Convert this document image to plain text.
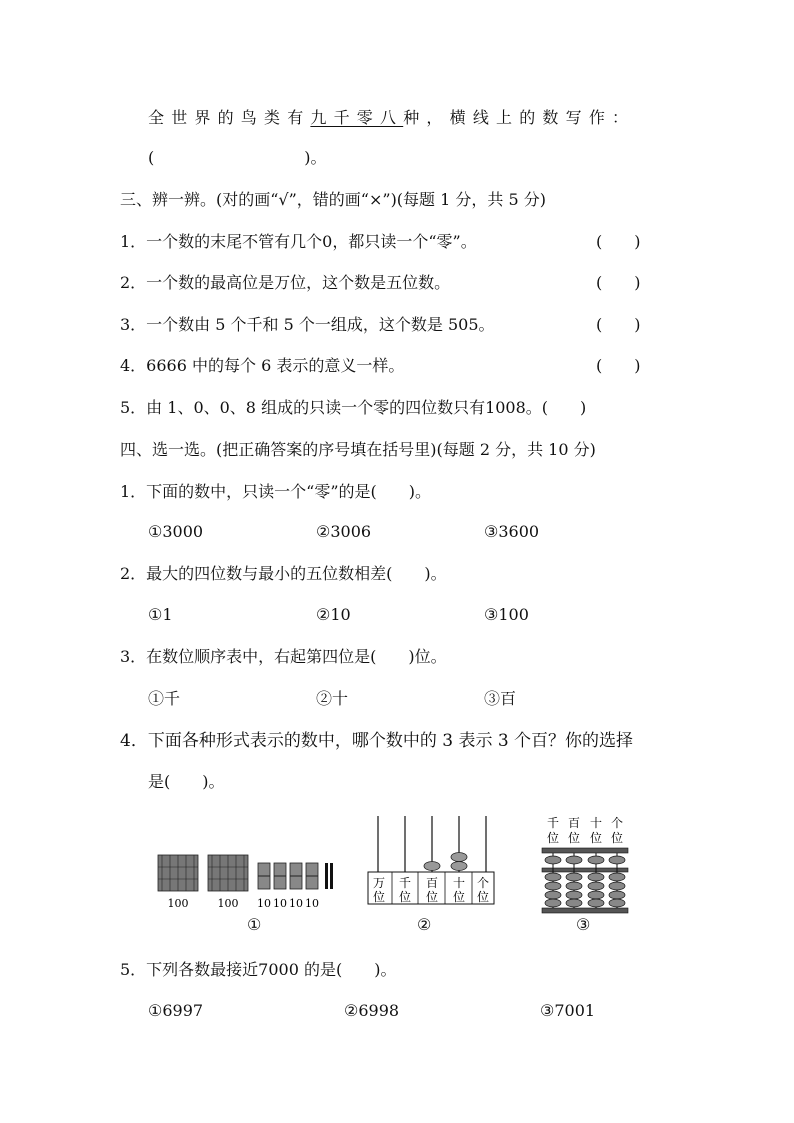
全世界的鸟类有九千零八种，横线上的数写作：
(	)。
三、辨一辨。(对的画“√”，错的画“×”)(每题 1 分，共 5 分)
1．一个数的末尾不管有几个0，都只读一个“零”。	(　　)
2．一个数的最高位是万位，这个数是五位数。	(　　)
3．一个数由 5 个千和 5 个一组成，这个数是 505。	(　　)
4．6666 中的每个 6 表示的意义一样。	(　　)
5．由 1、0、0、8 组成的只读一个零的四位数只有1008。(　　)
四、选一选。(把正确答案的序号填在括号里)(每题 2 分，共 10 分)
1．下面的数中，只读一个“零”的是(　　)。
①3000	②3006	③3600
2．最大的四位数与最小的五位数相差(　　)。
①1	②10	③100
3．在数位顺序表中，右起第四位是(　　)位。
①千	②十	③百
4．下面各种形式表示的数中，哪个数中的 3 表示 3 个百？你的选择
是(　　)。
100	100 10 10 10 10
①
万
位
千
位
百
位
十
位
个
位
②
千
位
百
位
十
位
个
位
③
5．下列各数最接近7000 的是(　　)。
①6997	②6998	③7001
